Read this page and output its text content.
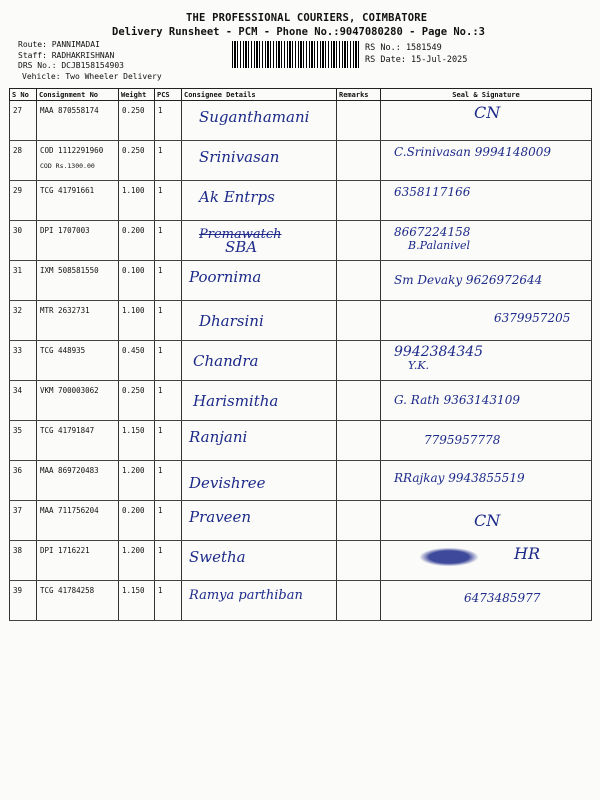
THE PROFESSIONAL COURIERS, COIMBATORE
Delivery Runsheet - PCM - Phone No.:9047080280 - Page No.:3
Route: PANNIMADAI
Staff: RADHAKRISHNAN
DRS No.: DCJB158154903
Vehicle: Two Wheeler Delivery
RS No.: 1581549
RS Date: 15-Jul-2025
S No	Consignment No	Weight	PCS	Consignee Details	Remarks	Seal & Signature
27	MAA 870558174	0.250	1	Suganthamani		CN

28	COD 1112291960
COD Rs.1300.00	0.250	1	Srinivasan		C.Srinivasan 9994148009

29	TCG 41791661	1.100	1	Ak Entrps		6358117166

30	DPI 1707003	0.200	1	Premawatch
SBA		8667224158
B.Palanivel

31	IXM 508581550	0.100	1	Poornima		Sm Devaky 9626972644

32	MTR 2632731	1.100	1	Dharsini		6379957205

33	TCG 448935	0.450	1	Chandra		9942384345
Y.K.

34	VKM 700003062	0.250	1	Harismitha		G. Rath 9363143109

35	TCG 41791847	1.150	1	Ranjani		7795957778

36	MAA 869720483	1.200	1	Devishree		RRajkay 9943855519

37	MAA 711756204	0.200	1	Praveen		CN

38	DPI 1716221	1.200	1	Swetha		HR
39	TCG 41784258	1.150	1	Ramya parthiban		6473485977
